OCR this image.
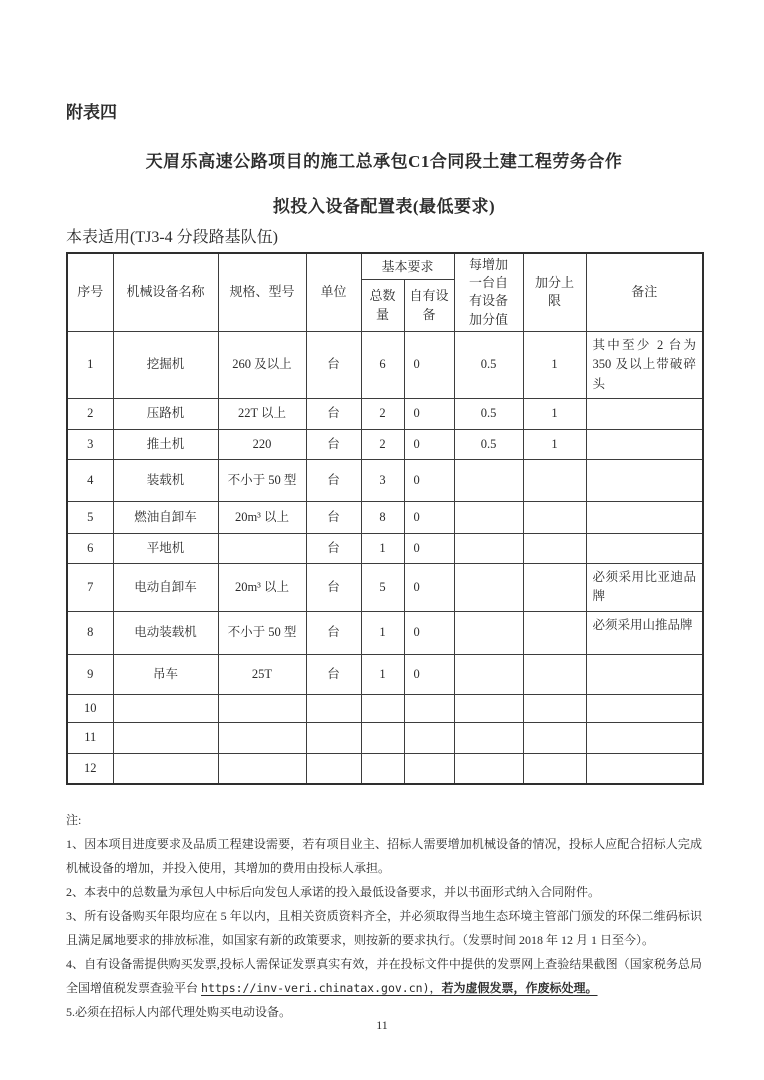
附表四
天眉乐高速公路项目的施工总承包C1合同段土建工程劳务合作
拟投入设备配置表(最低要求)
本表适用(TJ3-4 分段路基队伍)
序号	机械设备名称	规格、型号	单位	基本要求		每增加一台自有设备加分值	加分上限	备注
				总数量	自有设备			
1	挖掘机	260 及以上	台	6	0	0.5	1	其中至少 2 台为 350 及以上带破碎头
2	压路机	22T 以上	台	2	0	0.5	1	
3	推土机	220	台	2	0	0.5	1	
4	装载机	不小于 50 型	台	3	0			
5	燃油自卸车	20m³ 以上	台	8	0			
6	平地机		台	1	0			
7	电动自卸车	20m³ 以上	台	5	0			必须采用比亚迪品牌
8	电动装载机	不小于 50 型	台	1	0			必须采用山推品牌
9	吊车	25T	台	1	0			
10								
11								
12								

注:

1、因本项目进度要求及品质工程建设需要，若有项目业主、招标人需要增加机械设备的情况，投标人应配合招标人完成机械设备的增加，并投入使用，其增加的费用由投标人承担。

2、本表中的总数量为承包人中标后向发包人承诺的投入最低设备要求，并以书面形式纳入合同附件。

3、所有设备购买年限均应在 5 年以内，且相关资质资料齐全，并必须取得当地生态环境主管部门颁发的环保二维码标识且满足属地要求的排放标准，如国家有新的政策要求，则按新的要求执行。（发票时间 2018 年 12 月 1 日至今）。

4、自有设备需提供购买发票,投标人需保证发票真实有效，并在投标文件中提供的发票网上查验结果截图（国家税务总局全国增值税发票查验平台 https://inv-veri.chinatax.gov.cn)，若为虚假发票，作废标处理。

5.必须在招标人内部代理处购买电动设备。

11
